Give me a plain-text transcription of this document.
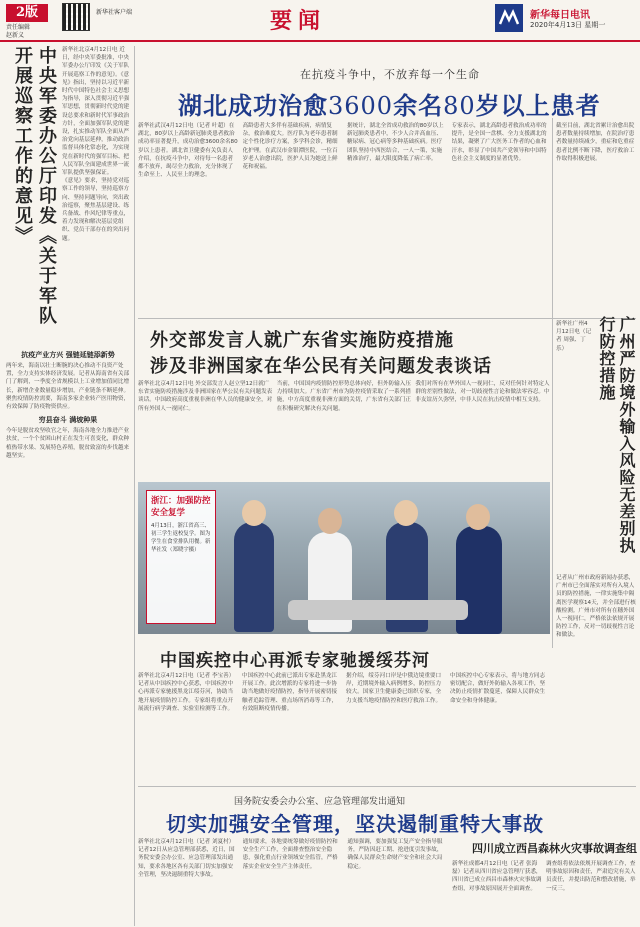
2版
责任编辑
赵新义
新华社客户端	要闻	新华每日电讯
2020年4月13日 星期一
中央军委办公厅印发《关于军队开展巡察工作的意见》	新华社北京4月12日电 近日，经中央军委批准，中央军委办公厅印发《关于军队开展巡察工作的意见》。《意见》指出，坚持以习近平新时代中国特色社会主义思想为指导，深入贯彻习近平强军思想，贯彻新时代党的建设总要求和新时代军事政治方针，全面加强军队党的建设，扎实推动军队全面从严治党向基层延伸，推动政治监督具体化常态化，为实现党在新时代的强军目标、把人民军队全面建成世界一流军队提供坚强保证。

《意见》要求，坚持党对巡察工作的领导，坚持巡察方向、坚持问题导向，突出政治巡察，聚焦基层建设、练兵备战、作风纪律等重点，着力发现和解决基层党组织、党员干部存在的突出问题。

抗疫产业方兴 强链延链添新势

两年来，海南以壮士断腕的决心推动不良资产处置，全力支持实体经济发展。记者从海南省有关部门了解到，一季度全省规模以上工业增加值同比增长，新增企业数量稳步增加，产业链条不断延伸。聚焦疫情防控需要，海南多家企业转产医用物资，有效保障了防疫物资供应。

穷县奋斗 满坡种果

今年是脱贫攻坚收官之年，海南各地全力推进产业扶贫，一个个贫困山村正在发生可喜变化，群众种植热带水果、发展特色养殖，脱贫致富的步伐越来越坚实。

在抗疫斗争中，不放弃每一个生命
湖北成功治愈3600余名80岁以上患者
新华社武汉4月12日电（记者 叶超）在湖北，80岁以上高龄新冠肺炎患者救治成功率显著提升，成功治愈3600余名80岁以上患者。湖北省卫健委有关负责人介绍，在抗疫斗争中，对待每一名患者都不放弃，竭尽全力救治，充分体现了生命至上、人民至上的理念。
高龄患者大多伴有基础疾病，病情复杂，救治难度大。医疗队为老年患者制定个性化诊疗方案，多学科会诊，精细化护理。在武汉市金银潭医院，一位百岁老人治愈出院，医护人员为她送上鲜花和祝福。
据统计，湖北全省成功救治的80岁以上新冠肺炎患者中，不少人合并高血压、糖尿病、冠心病等多种基础疾病。医疗团队坚持中西医结合，一人一策，实施精准治疗，最大限度降低了病亡率。
专家表示，湖北高龄患者救治成功率的提升，是全国一盘棋、全力支援湖北的结果，凝聚了广大医务工作者的心血和汗水，彰显了中国共产党领导和中国特色社会主义制度的显著优势。
截至目前，湖北省累计治愈出院患者数量持续增加，在院治疗患者数量持续减少，重症和危重症患者比例不断下降，医疗救治工作取得积极进展。
外交部发言人就广东省实施防疫措施
涉及非洲国家在华公民有关问题发表谈话
新华社北京4月12日电 外交部发言人赵立坚12日就广东省实施防疫措施涉及非洲国家在华公民有关问题发表谈话。中国政府高度重视非洲在华人员的健康安全，对所有外国人一视同仁。
当前，中国国内疫情防控形势总体向好，但外防输入压力持续加大。广东省广州市为防控疫情采取了一系列措施，中方高度重视非洲方面的关切，广东省有关部门正在积极研究解决有关问题。
我们对所有在华外国人一视同仁，反对任何针对特定人群的差别性做法，对一切歧视性言论和做法零容忍。中非友谊历久弥坚，中非人民在抗击疫情中相互支持。
新华社广州4月12日电（记者 周强、丁乐）	广州严防境外输入风险无差别执行防控措施
记者从广州市政府新闻办获悉，广州市已全面落实对所有入境人员的防控措施，一律实施集中隔离医学观察14天，并全部进行核酸检测。广州市对所有在穗外国人一视同仁，严格依法依规开展防控工作，反对一切歧视性言论和做法。
浙江：加强防控安全复学
4月13日，浙江省高三、初三学生返校复学。图为学生在食堂排队用餐。新华社发（郑晓宇摄）
中国疾控中心再派专家驰援绥芬河
新华社北京4月12日电（记者 李宝善）记者从中国疾控中心获悉，中国疾控中心再派专家驰援黑龙江绥芬河，协助当地开展疫情防控工作。专家组将重点开展流行病学调查、实验室检测等工作。
中国疾控中心此前已派出专家赴黑龙江开展工作。此次增派的专家将进一步协助当地做好疫情防控，指导开展密切接触者追踪管理、重点场所消毒等工作，有效阻断疫情传播。
据介绍，绥芬河口岸是中俄边境重要口岸，近期境外输入病例增多，防控压力较大。国家卫生健康委已组织专家，全力支援当地疫情防控和医疗救治工作。
中国疾控中心专家表示，将与地方同志密切配合，做好外防输入各项工作，坚决防止疫情扩散蔓延，保障人民群众生命安全和身体健康。
国务院安委会办公室、应急管理部发出通知
切实加强安全管理，坚决遏制重特大事故
新华社北京4月12日电（记者 刘夏村）记者12日从应急管理部获悉，近日，国务院安委会办公室、应急管理部发出通知，要求各地区各有关部门切实加强安全管理，坚决遏制重特大事故。
通知要求，各地要统筹做好疫情防控和安全生产工作，全面排查整治安全隐患，强化重点行业领域安全监管，严格落实企业安全生产主体责任。
通知强调，要加强复工复产安全指导服务，严防因赶工期、抢进度引发事故，确保人民群众生命财产安全和社会大局稳定。
四川成立西昌森林火灾事故调查组
新华社成都4月12日电（记者 张海磊）记者从四川省应急管理厅获悉，四川省已成立西昌市森林火灾事故调查组，对事故原因展开全面调查。
调查组将依法依规开展调查工作，查明事故原因和责任，严肃追究有关人员责任，并提出防范和整改措施，举一反三。
